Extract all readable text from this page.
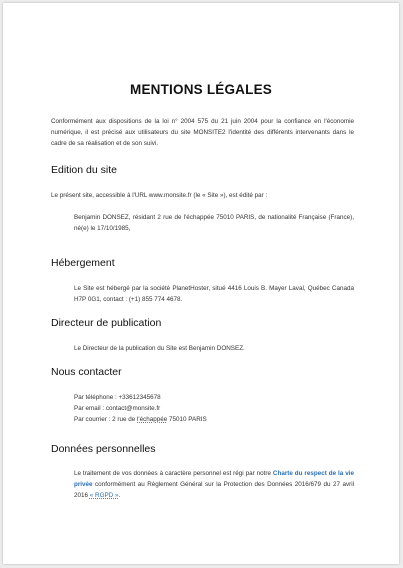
MENTIONS LÉGALES
Conformément aux dispositions de la loi n° 2004 575 du 21 juin 2004 pour la confiance en l'économie numérique, il est précisé aux utilisateurs du site MONSITE2 l'identité des différents intervenants dans le cadre de sa réalisation et de son suivi.
Edition du site
Le présent site, accessible à l'URL www.monsite.fr (le « Site »), est édité par :
Benjamin DONSEZ, résidant 2 rue de l'échappée 75010 PARIS, de nationalité Française (France), né(e) le 17/10/1985,
Hébergement
Le Site est hébergé par la société PlanetHoster, situé 4416 Louis B. Mayer Laval, Québec Canada H7P 0G1, contact : (+1) 855 774 4678.
Directeur de publication
Le Directeur de la publication du Site est Benjamin DONSEZ.
Nous contacter
Par téléphone : +33612345678
Par email : contact@monsite.fr
Par courrier : 2 rue de l'échappée 75010 PARIS
Données personnelles
Le traitement de vos données à caractère personnel est régi par notre Charte du respect de la vie privée conformément au Règlement Général sur la Protection des Données 2016/679 du 27 avril 2016 « RGPD ».
